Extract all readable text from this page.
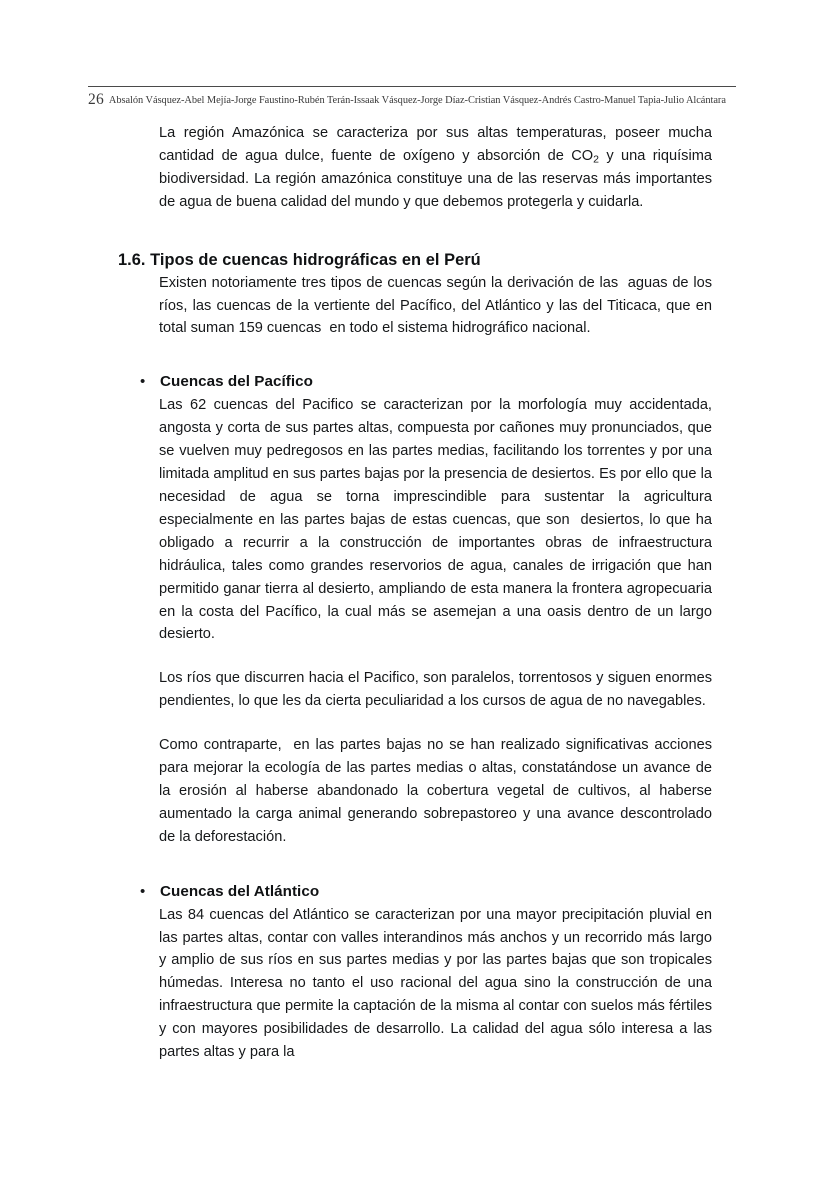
26 Absalón Vásquez-Abel Mejía-Jorge Faustino-Rubén Terán-Issaak Vásquez-Jorge Díaz-Cristian Vásquez-Andrés Castro-Manuel Tapia-Julio Alcántara

La región Amazónica se caracteriza por sus altas temperaturas, poseer mucha cantidad de agua dulce, fuente de oxígeno y absorción de $CO_2$ y una riquísima biodiversidad. La región amazónica constituye una de las reservas más importantes de agua de buena calidad del mundo y que debemos protegerla y cuidarla.

1.6. Tipos de cuencas hidrográficas en el Perú

Existen notoriamente tres tipos de cuencas según la derivación de las  aguas de los ríos, las cuencas de la vertiente del Pacífico, del Atlántico y las del Titicaca, que en total suman 159 cuencas  en todo el sistema hidrográfico nacional.

• Cuencas del Pacífico

Las 62 cuencas del Pacifico se caracterizan por la morfología muy accidentada, angosta y corta de sus partes altas, compuesta por cañones muy pronunciados, que se vuelven muy pedregosos en las partes medias, facilitando los torrentes y por una limitada amplitud en sus partes bajas por la presencia de desiertos. Es por ello que la necesidad de agua se torna imprescindible para sustentar la agricultura especialmente en las partes bajas de estas cuencas, que son  desiertos, lo que ha obligado a recurrir a la construcción de importantes obras de infraestructura hidráulica, tales como grandes reservorios de agua, canales de irrigación que han permitido ganar tierra al desierto, ampliando de esta manera la frontera agropecuaria en la costa del Pacífico, la cual más se asemejan a una oasis dentro de un largo desierto.

Los ríos que discurren hacia el Pacifico, son paralelos, torrentosos y siguen enormes pendientes, lo que les da cierta peculiaridad a los cursos de agua de no navegables.

Como contraparte,  en las partes bajas no se han realizado significativas acciones para mejorar la ecología de las partes medias o altas, constatándose un avance de la erosión al haberse abandonado la cobertura vegetal de cultivos, al haberse aumentado la carga animal generando sobrepastoreo y una avance descontrolado de la deforestación.

• Cuencas del Atlántico

Las 84 cuencas del Atlántico se caracterizan por una mayor precipitación pluvial en las partes altas, contar con valles interandinos más anchos y un recorrido más largo y amplio de sus ríos en sus partes medias y por las partes bajas que son tropicales húmedas. Interesa no tanto el uso racional del agua sino la construcción de una infraestructura que permite la captación de la misma al contar con suelos más fértiles y con mayores posibilidades de desarrollo. La calidad del agua sólo interesa a las partes altas y para la
